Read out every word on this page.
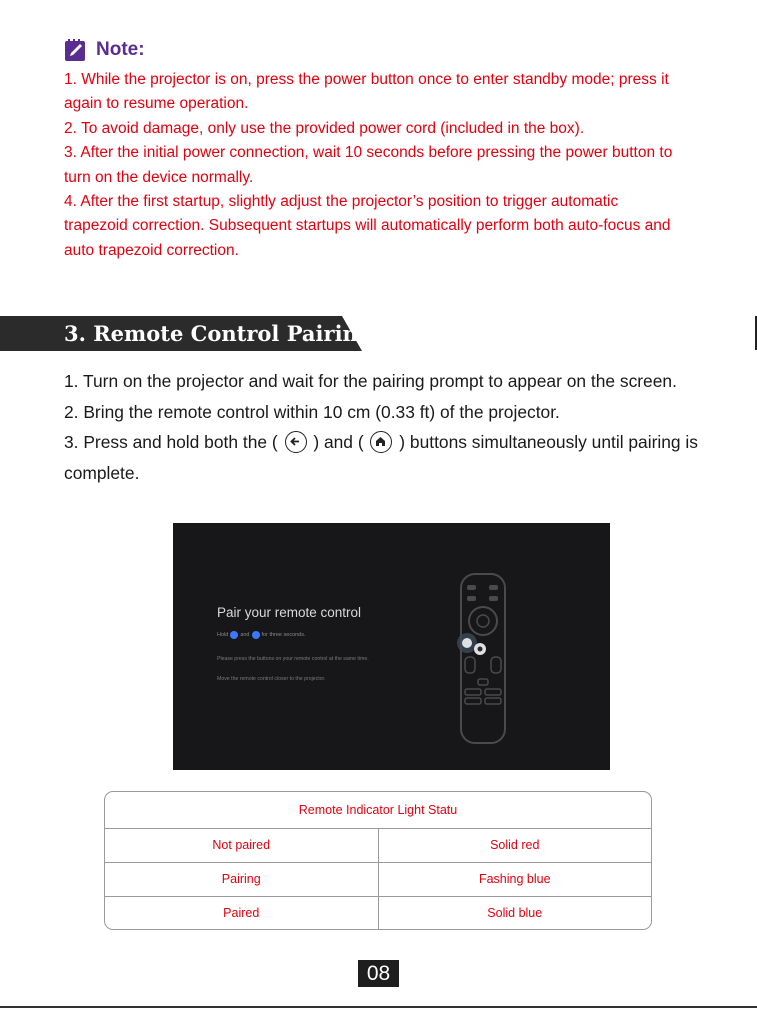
Note:

1. While the projector is on, press the power button once to enter standby mode; press it again to resume operation.

2. To avoid damage, only use the provided power cord (included in the box).

3. After the initial power connection, wait 10 seconds before pressing the power button to turn on the device normally.

4. After the first startup, slightly adjust the projector’s position to trigger automatic trapezoid correction. Subsequent startups will automatically perform both auto-focus and auto trapezoid correction.

3. Remote Control Pairing

1. Turn on the projector and wait for the pairing prompt to appear on the screen.

2. Bring the remote control within 10 cm (0.33 ft) of the projector.

3. Press and hold both the ( ) and ( ) buttons simultaneously until pairing is complete.

Pair your remote control
Hold and for three seconds.
Please press the buttons on your remote control at the same time.
Move the remote control closer to the projector.
Remote Indicator Light Statu	
Not paired	Solid red
Pairing	Fashing blue
Paired	Solid blue
08
